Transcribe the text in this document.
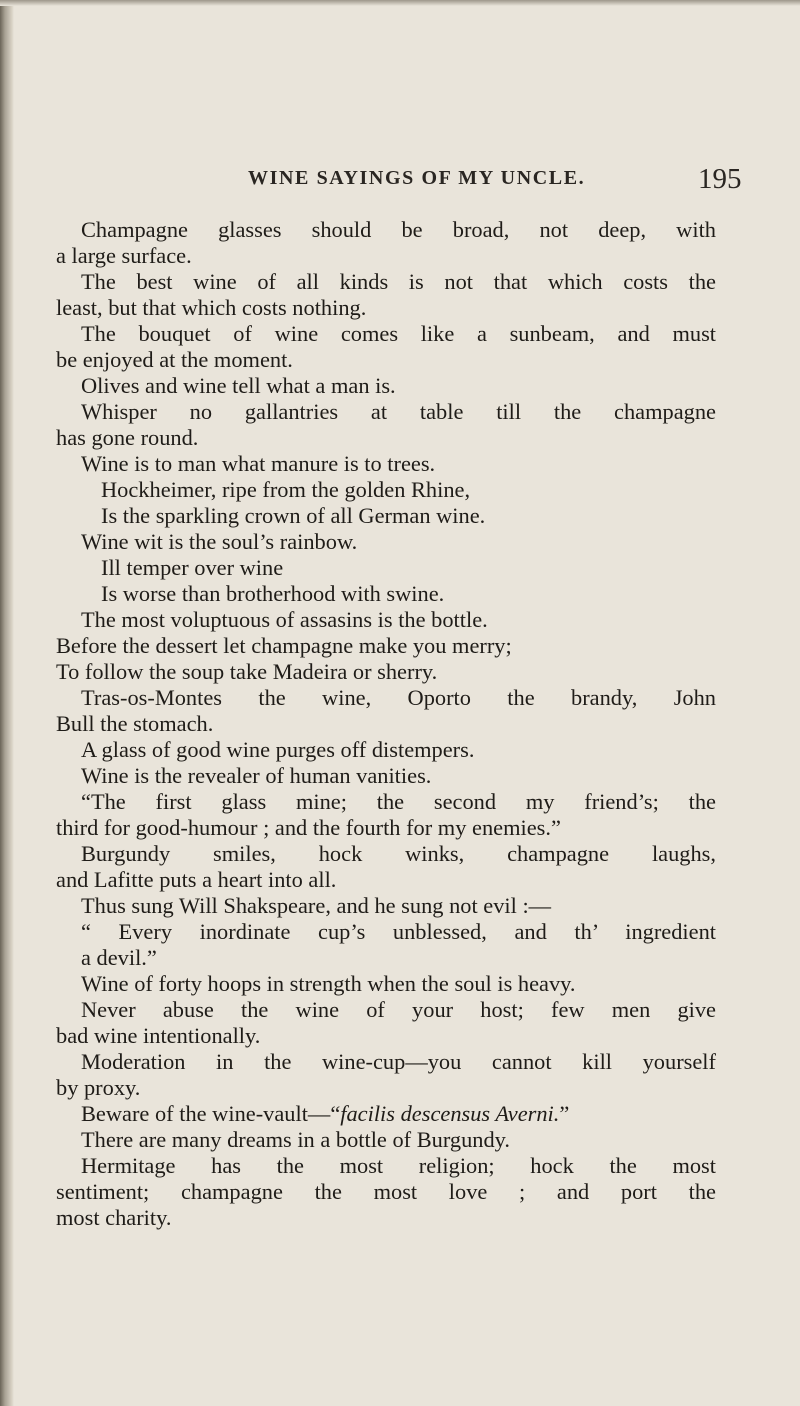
WINE SAYINGS OF MY UNCLE.	195
Champagne glasses should be broad, not deep, with
a large surface.
The best wine of all kinds is not that which costs the
least, but that which costs nothing.
The bouquet of wine comes like a sunbeam, and must
be enjoyed at the moment.
Olives and wine tell what a man is.
Whisper no gallantries at table till the champagne
has gone round.
Wine is to man what manure is to trees.
Hockheimer, ripe from the golden Rhine,
Is the sparkling crown of all German wine.
Wine wit is the soul’s rainbow.
Ill temper over wine
Is worse than brotherhood with swine.
The most voluptuous of assasins is the bottle.
Before the dessert let champagne make you merry;
To follow the soup take Madeira or sherry.
Tras-os-Montes the wine, Oporto the brandy, John
Bull the stomach.
A glass of good wine purges off distempers.
Wine is the revealer of human vanities.
“The first glass mine; the second my friend’s; the
third for good-humour ; and the fourth for my enemies.”
Burgundy smiles, hock winks, champagne laughs,
and Lafitte puts a heart into all.
Thus sung Will Shakspeare, and he sung not evil :—
“ Every inordinate cup’s unblessed, and th’ ingredient
a devil.”
Wine of forty hoops in strength when the soul is heavy.
Never abuse the wine of your host; few men give
bad wine intentionally.
Moderation in the wine-cup—you cannot kill yourself
by proxy.
Beware of the wine-vault—“facilis descensus Averni.”
There are many dreams in a bottle of Burgundy.
Hermitage has the most religion; hock the most
sentiment; champagne the most love ; and port the
most charity.
